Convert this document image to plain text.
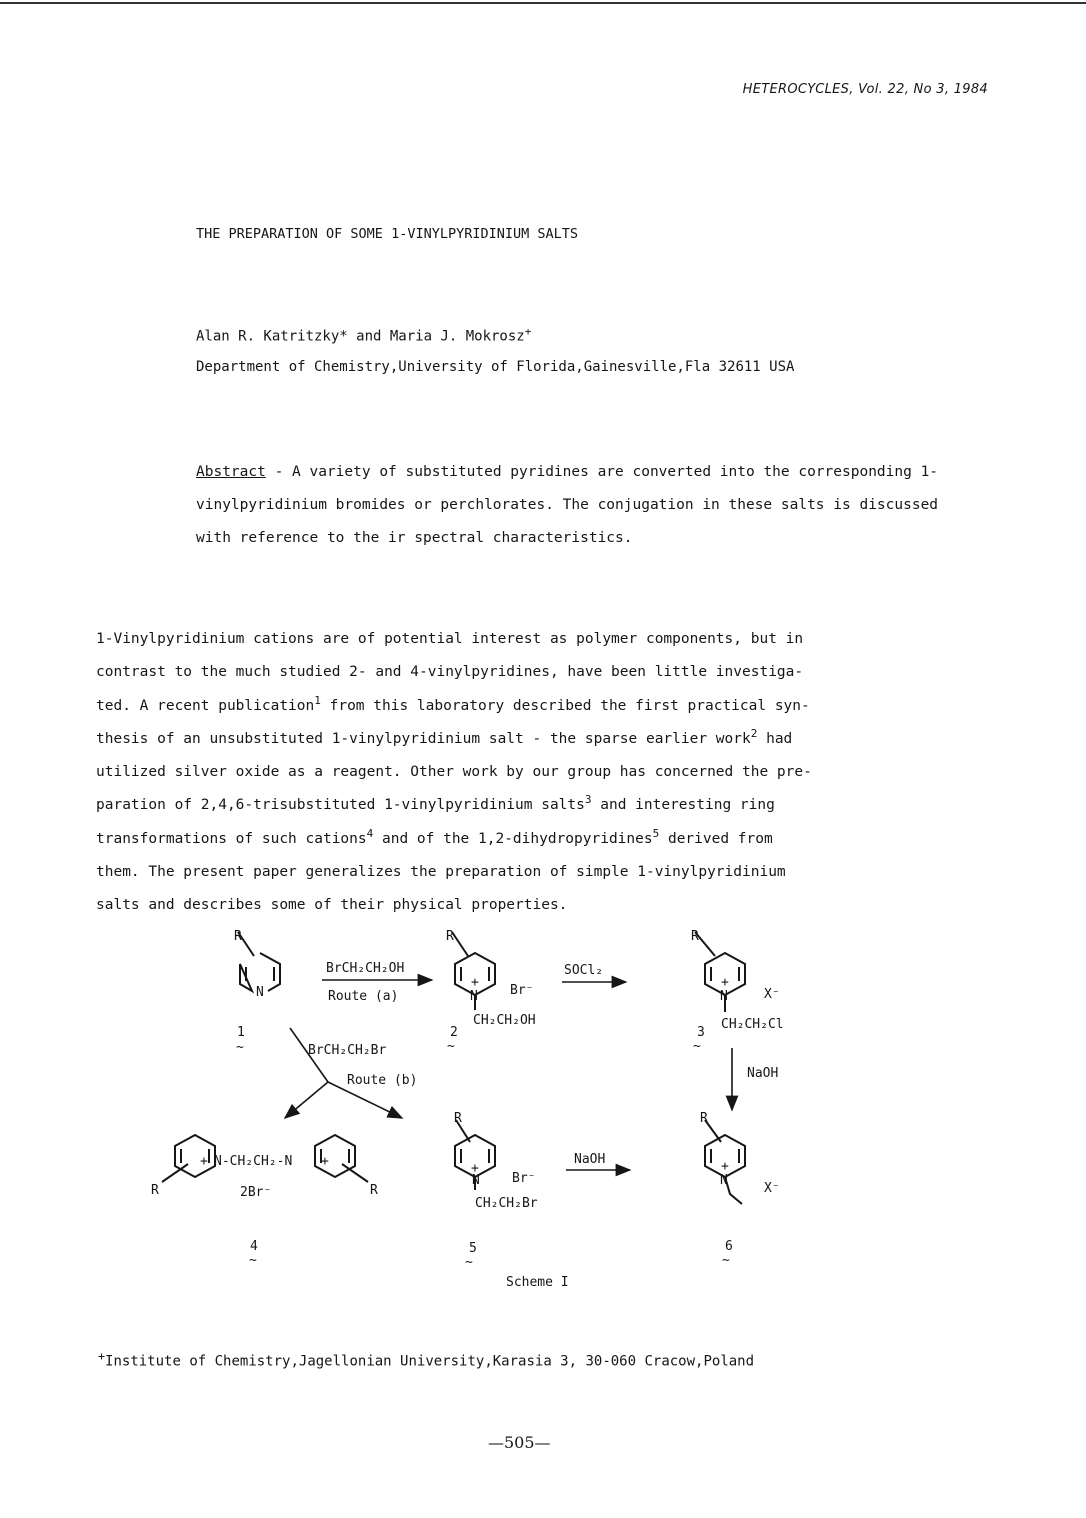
HETEROCYCLES, Vol. 22, No 3, 1984
THE PREPARATION OF SOME 1-VINYLPYRIDINIUM SALTS
Alan R. Katritzky* and Maria J. Mokrosz+
Department of Chemistry,University of Florida,Gainesville,Fla 32611 USA
Abstract - A variety of substituted pyridines are converted into the corresponding 1-vinylpyridinium bromides or perchlorates. The conjugation in these salts is discussed with reference to the ir spectral characteristics.
1-Vinylpyridinium cations are of potential interest as polymer components, but in
contrast to the much studied 2- and 4-vinylpyridines, have been little investiga-
ted. A recent publication$^1$ from this laboratory described the first practical syn-
thesis of an unsubstituted 1-vinylpyridinium salt - the sparse earlier work$^2$ had
utilized silver oxide as a reagent. Other work by our group has concerned the pre-
paration of 2,4,6-trisubstituted 1-vinylpyridinium salts$^3$ and interesting ring
transformations of such cations$^4$ and of the 1,2-dihydropyridines$^5$ derived from
them. The present paper generalizes the preparation of simple 1-vinylpyridinium
salts and describes some of their physical properties.
R
N
1
~
BrCH₂CH₂OH
Route (a)
R
+
N Br⁻
CH₂CH₂OH
2
~
SOCl₂
R
+
N	X⁻
CH₂CH₂Cl
3
~
BrCH₂CH₂Br
Route (b)	NaOH
R	R
+ N-CH₂CH₂-N +
2Br⁻
R	R
+
N Br⁻
CH₂CH₂Br
NaOH	+
N
X⁻
4
~
5
~
6
~
Scheme I
+Institute of Chemistry,Jagellonian University,Karasia 3, 30-060 Cracow,Poland
—505—
